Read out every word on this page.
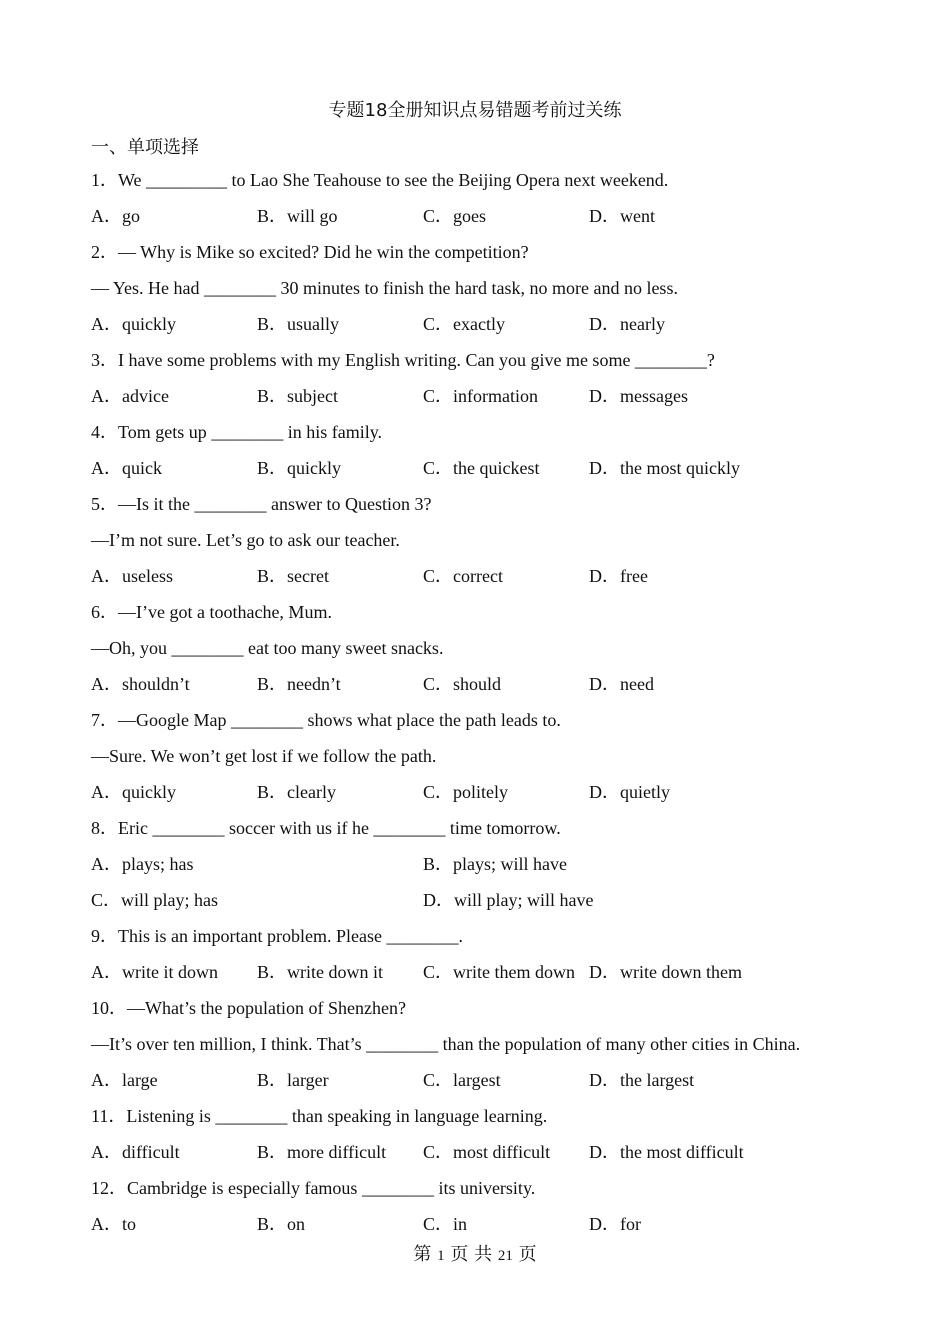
专题18全册知识点易错题考前过关练
一、单项选择
1．We _________ to Lao She Teahouse to see the Beijing Opera next weekend.
A．go	B．will go	C．goes	D．went
2．— Why is Mike so excited? Did he win the competition?
— Yes. He had ________ 30 minutes to finish the hard task, no more and no less.
A．quickly	B．usually	C．exactly	D．nearly
3．I have some problems with my English writing. Can you give me some ________?
A．advice	B．subject	C．information	D．messages
4．Tom gets up ________ in his family.
A．quick	B．quickly	C．the quickest	D．the most quickly
5．—Is it the ________ answer to Question 3?
—I’m not sure. Let’s go to ask our teacher.
A．useless	B．secret	C．correct	D．free
6．—I’ve got a toothache, Mum.
—Oh, you ________ eat too many sweet snacks.
A．shouldn’t	B．needn’t	C．should	D．need
7．—Google Map ________ shows what place the path leads to.
—Sure. We won’t get lost if we follow the path.
A．quickly	B．clearly	C．politely	D．quietly
8．Eric ________ soccer with us if he ________ time tomorrow.
A．plays; has	B．plays; will have
C．will play; has	D．will play; will have
9．This is an important problem. Please ________.
A．write it down B．write down it C．write them down D．write down them
10．—What’s the population of Shenzhen?
—It’s over ten million, I think. That’s ________ than the population of many other cities in China.
A．large	B．larger	C．largest	D．the largest
11．Listening is ________ than speaking in language learning.
A．difficult	B．more difficult C．most difficult D．the most difficult
12．Cambridge is especially famous ________ its university.
A．to	B．on	C．in	D．for
第 1 页 共 21 页
